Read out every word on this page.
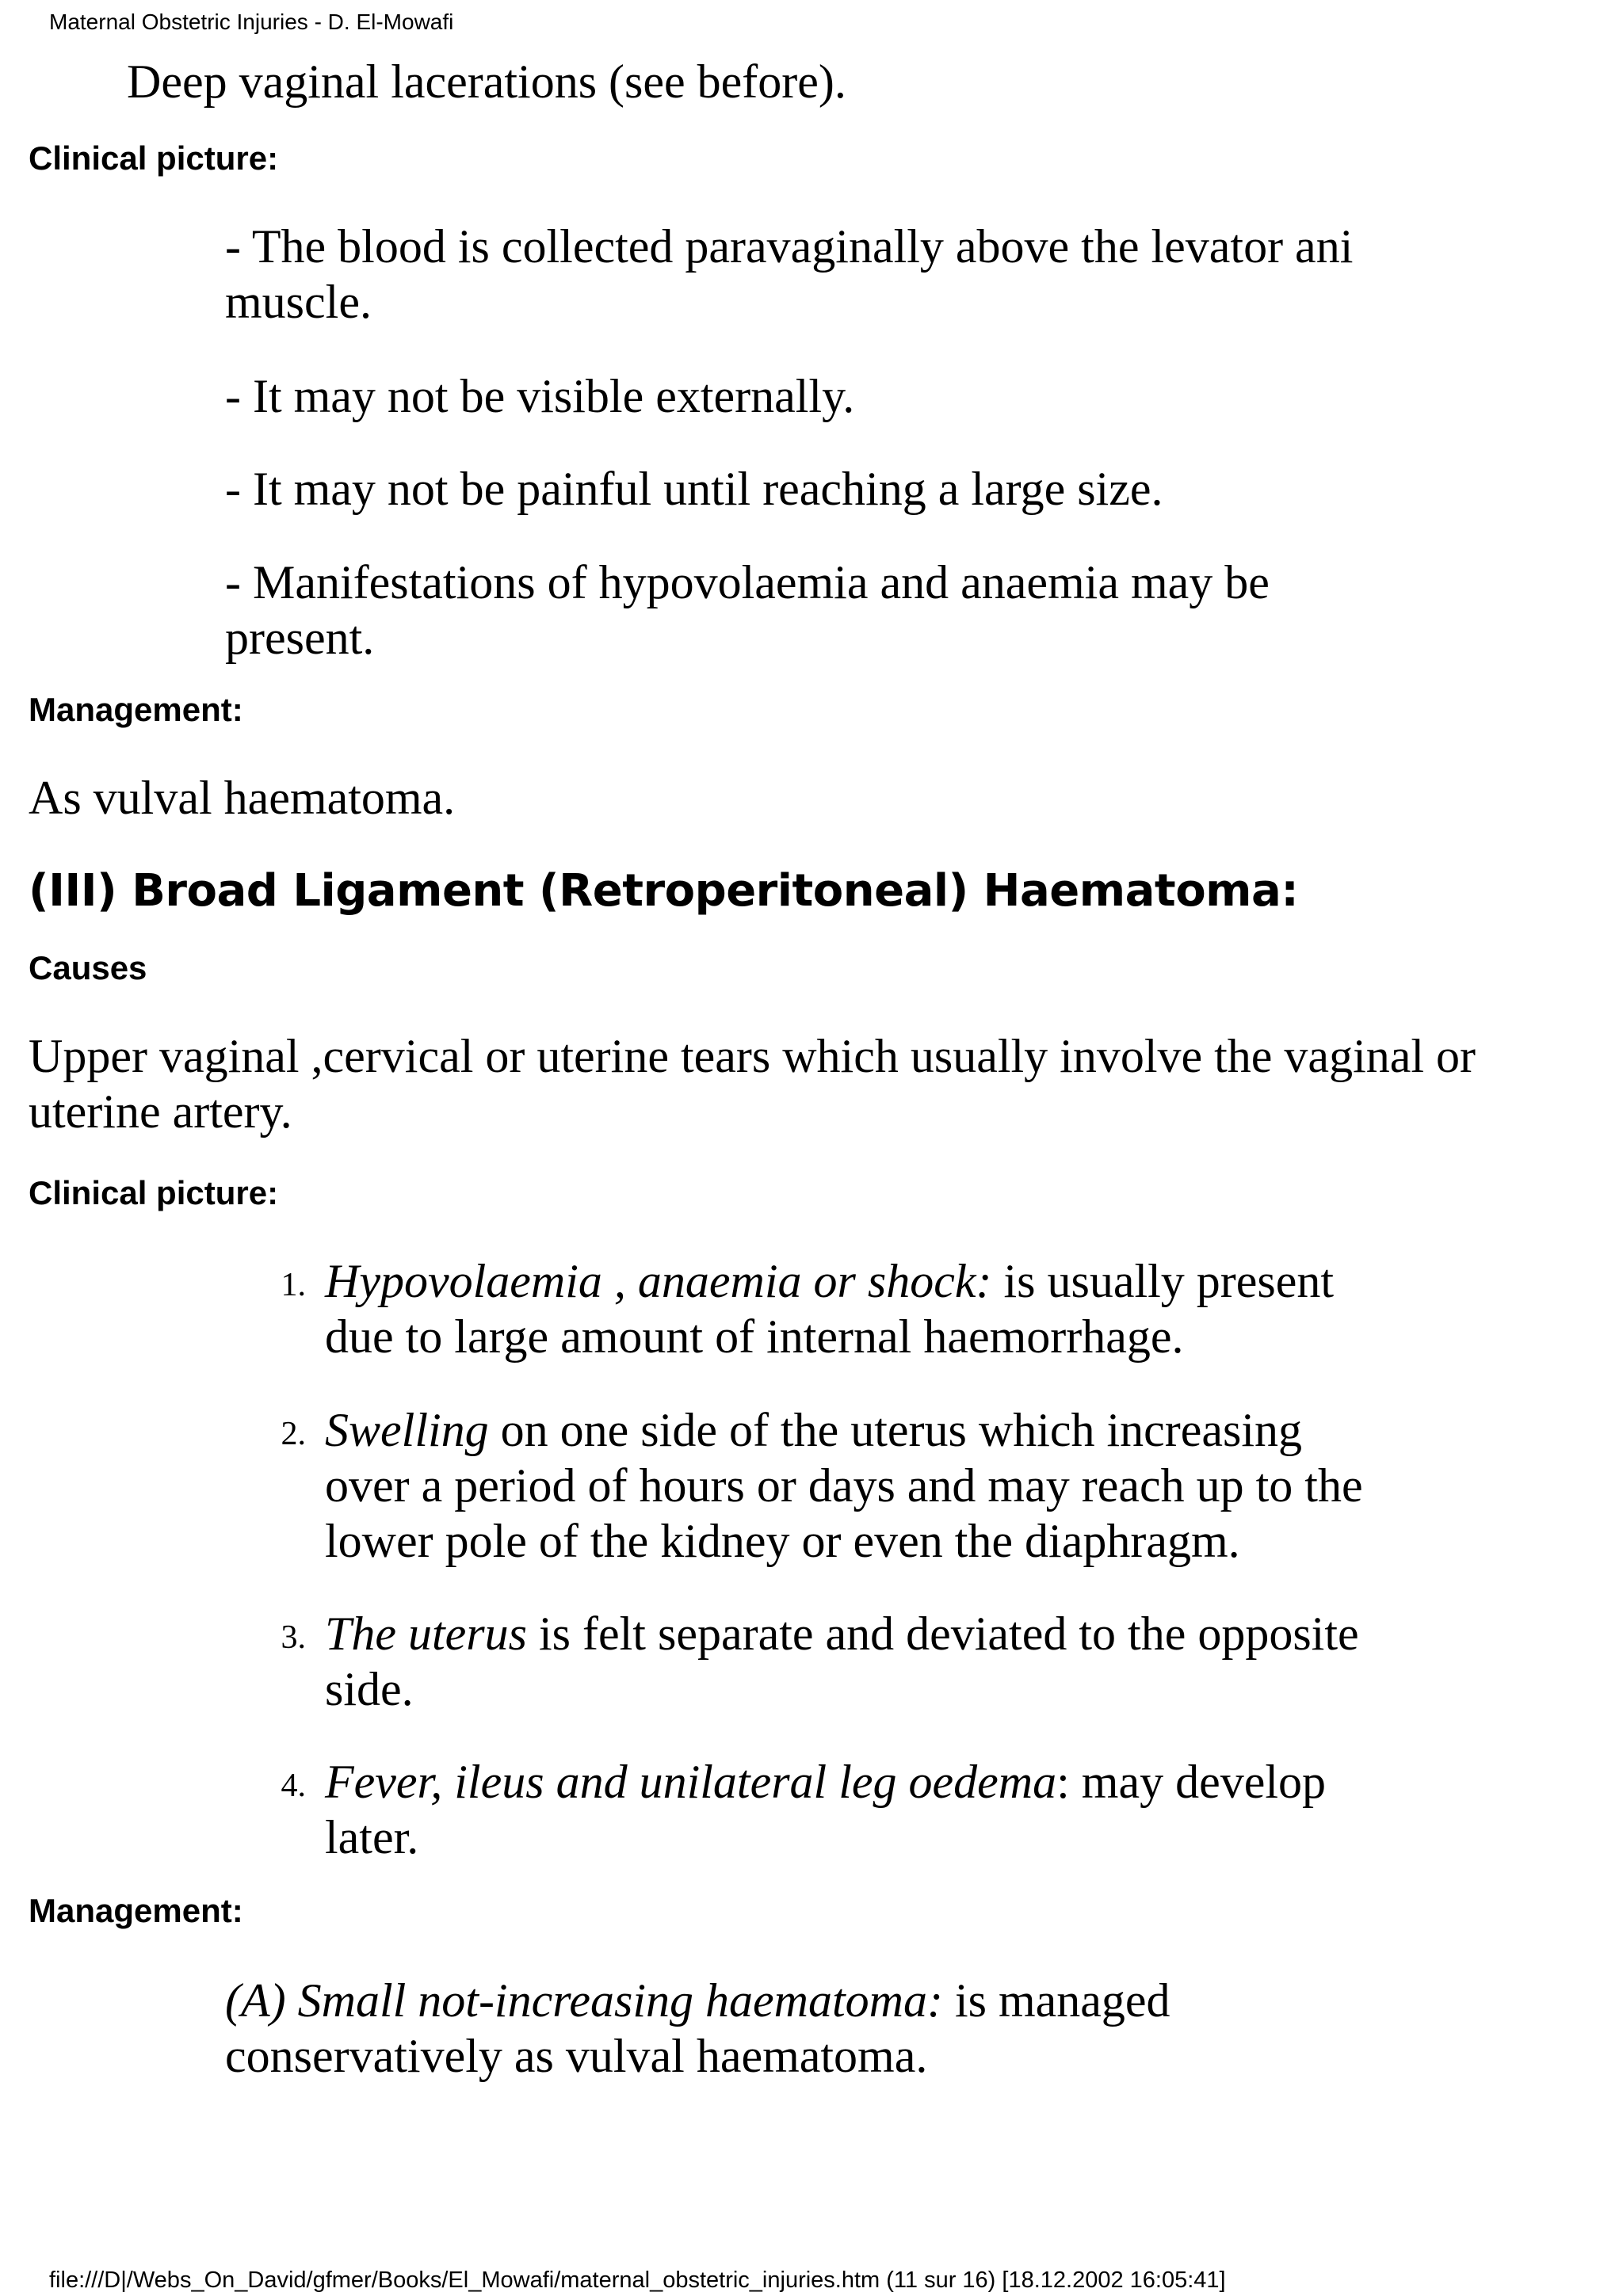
Maternal Obstetric Injuries - D. El-Mowafi
Deep vaginal lacerations (see before).
Clinical picture:
- The blood is collected paravaginally above the levator ani
muscle.
- It may not be visible externally.
- It may not be painful until reaching a large size.
- Manifestations of hypovolaemia and anaemia may be
present.
Management:
As vulval haematoma.
(III) Broad Ligament (Retroperitoneal) Haematoma:
Causes
Upper vaginal ,cervical or uterine tears which usually involve the vaginal or
uterine artery.
Clinical picture:
1. Hypovolaemia , anaemia or shock: is usually present
due to large amount of internal haemorrhage.
2. Swelling on one side of the uterus which increasing
over a period of hours or days and may reach up to the
lower pole of the kidney or even the diaphragm.
3. The uterus is felt separate and deviated to the opposite
side.
4. Fever, ileus and unilateral leg oedema: may develop
later.
Management:
(A) Small not-increasing haematoma: is managed
conservatively as vulval haematoma.
file:///D|/Webs_On_David/gfmer/Books/El_Mowafi/maternal_obstetric_injuries.htm (11 sur 16) [18.12.2002 16:05:41]
